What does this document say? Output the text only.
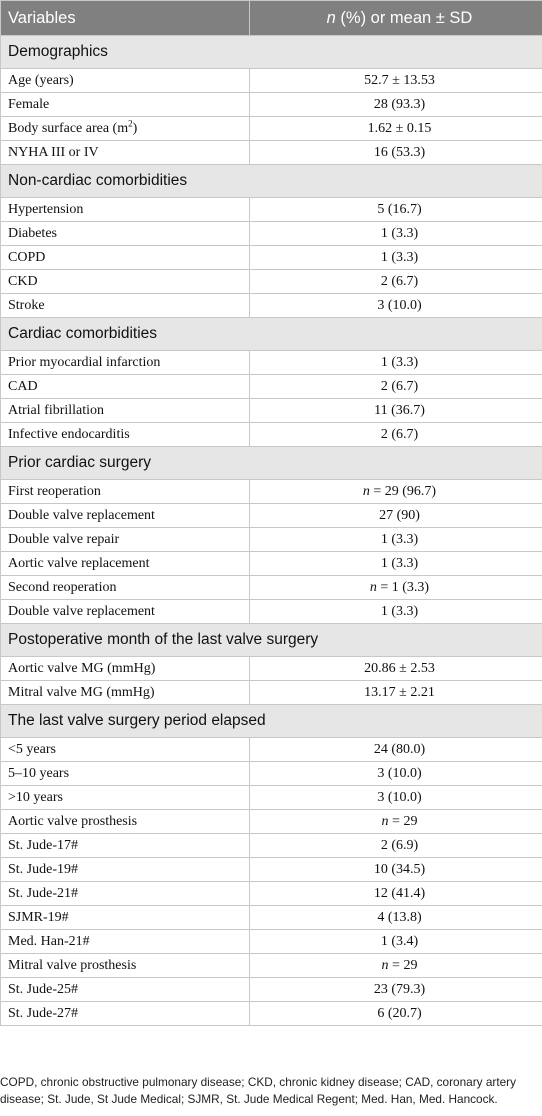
Variables	n (%) or mean ± SD
Demographics	
Age (years)	52.7 ± 13.53
Female	28 (93.3)
Body surface area $(m^2)$	1.62 ± 0.15
NYHA III or IV	16 (53.3)
Non-cardiac comorbidities	
Hypertension	5 (16.7)
Diabetes	1 (3.3)
COPD	1 (3.3)
CKD	2 (6.7)
Stroke	3 (10.0)
Cardiac comorbidities	
Prior myocardial infarction	1 (3.3)
CAD	2 (6.7)
Atrial fibrillation	11 (36.7)
Infective endocarditis	2 (6.7)
Prior cardiac surgery	
First reoperation	n = 29 (96.7)
Double valve replacement	27 (90)
Double valve repair	1 (3.3)
Aortic valve replacement	1 (3.3)
Second reoperation	n = 1 (3.3)
Double valve replacement	1 (3.3)
Postoperative month of the last valve surgery	
Aortic valve MG (mmHg)	20.86 ± 2.53
Mitral valve MG (mmHg)	13.17 ± 2.21
The last valve surgery period elapsed	
<5 years	24 (80.0)
5–10 years	3 (10.0)
>10 years	3 (10.0)
Aortic valve prosthesis	n = 29
St. Jude-17#	2 (6.9)
St. Jude-19#	10 (34.5)
St. Jude-21#	12 (41.4)
SJMR-19#	4 (13.8)
Med. Han-21#	1 (3.4)
Mitral valve prosthesis	n = 29
St. Jude-25#	23 (79.3)
St. Jude-27#	6 (20.7)
COPD, chronic obstructive pulmonary disease; CKD, chronic kidney disease; CAD, coronary artery disease; St. Jude, St Jude Medical; SJMR, St. Jude Medical Regent; Med. Han, Med. Hancock.
